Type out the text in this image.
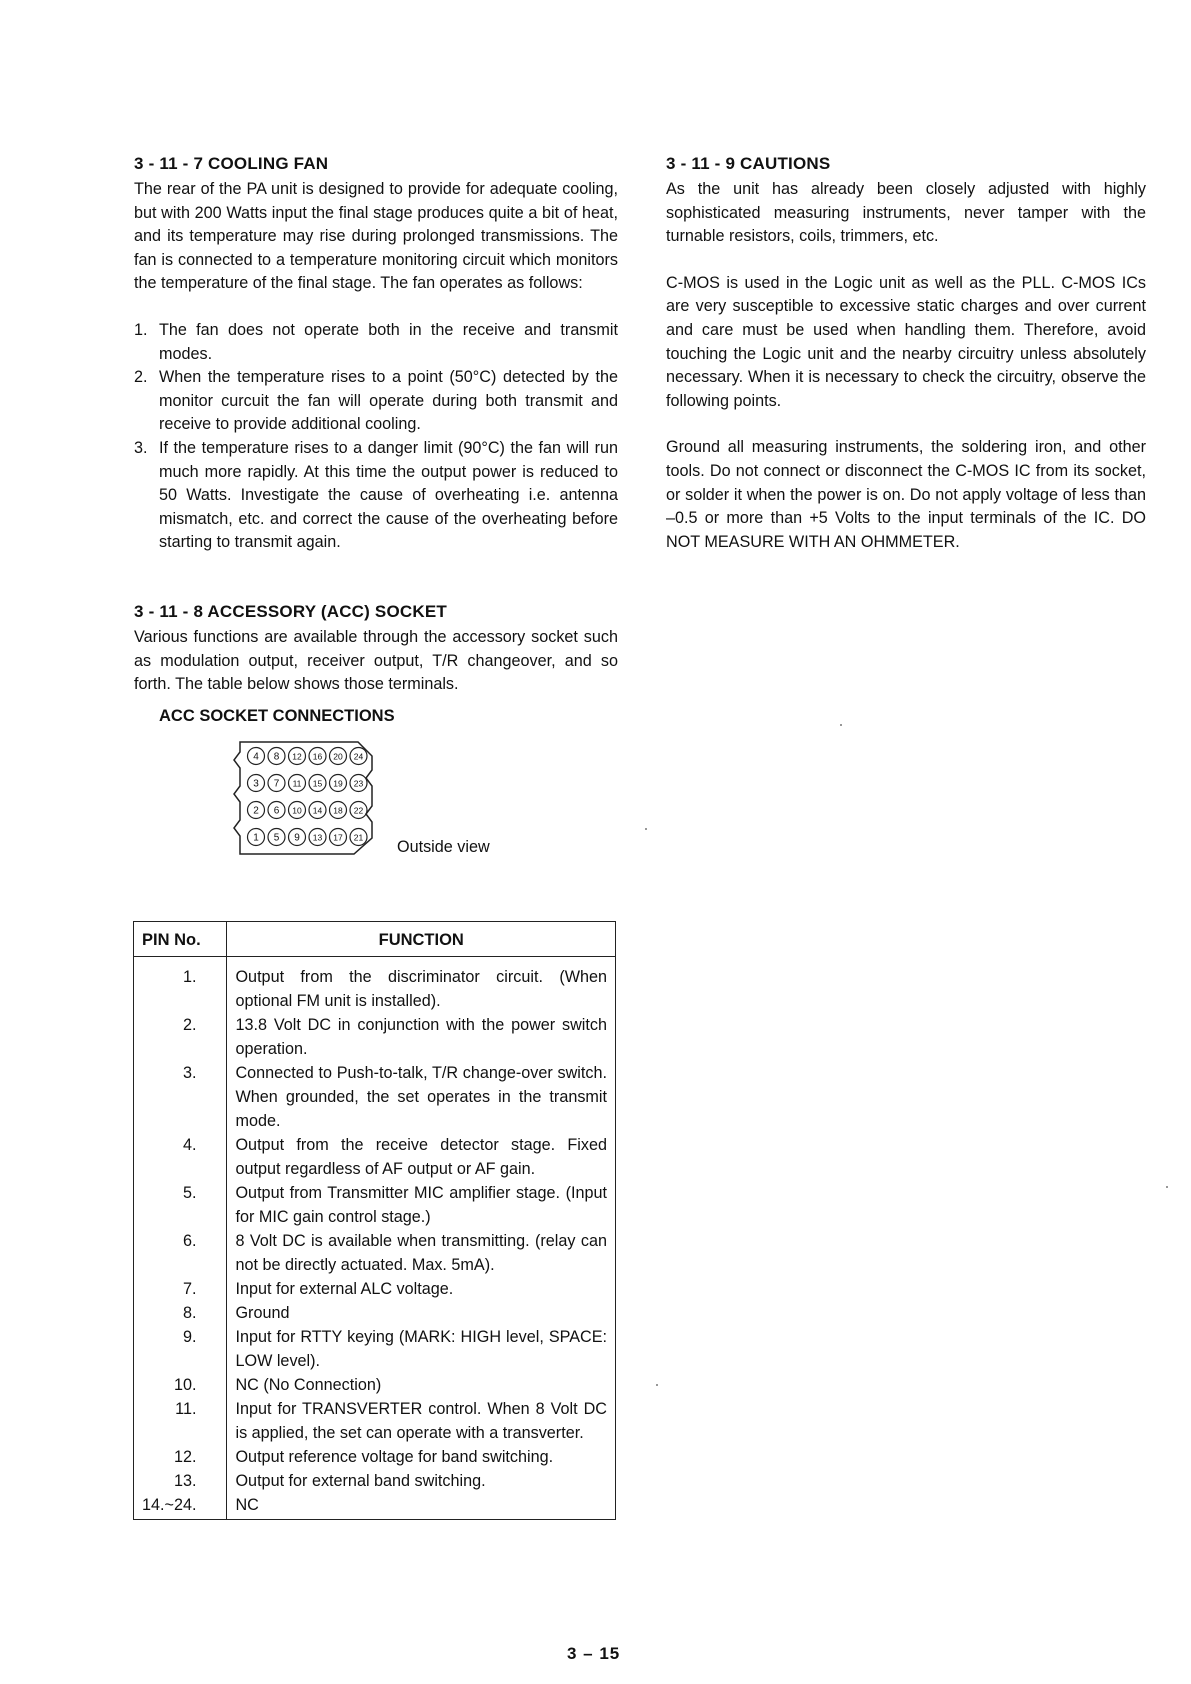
3 - 11 - 7 COOLING FAN

The rear of the PA unit is designed to provide for adequate cooling, but with 200 Watts input the final stage produces quite a bit of heat, and its temperature may rise during prolonged transmissions. The fan is connected to a temperature monitoring circuit which monitors the temperature of the final stage. The fan operates as follows:

1. The fan does not operate both in the receive and transmit modes.
2. When the temperature rises to a point (50°C) detected by the monitor curcuit the fan will operate during both transmit and receive to provide additional cooling.
3. If the temperature rises to a danger limit (90°C) the fan will run much more rapidly. At this time the output power is reduced to 50 Watts. Investigate the cause of overheating i.e. antenna mismatch, etc. and correct the cause of the overheating before starting to transmit again.
3 - 11 - 8 ACCESSORY (ACC) SOCKET

Various functions are available through the accessory socket such as modulation output, receiver output, T/R changeover, and so forth. The table below shows those terminals.

ACC SOCKET CONNECTIONS
4 8 12 16 20 24
3 7 11 15 19 23
2 6 10 14 18 22
1 5 9 13 17 21
Outside view
PIN No.	FUNCTION
1.	Output from the discriminator circuit. (When optional FM unit is installed).
2.	13.8 Volt DC in conjunction with the power switch operation.
3.	Connected to Push-to-talk, T/R change-over switch. When grounded, the set operates in the transmit mode.
4.	Output from the receive detector stage. Fixed output regardless of AF output or AF gain.
5.	Output from Transmitter MIC amplifier stage. (Input for MIC gain control stage.)
6.	8 Volt DC is available when transmitting. (relay can not be directly actuated. Max. 5mA).
7.	Input for external ALC voltage.
8.	Ground
9.	Input for RTTY keying (MARK: HIGH level, SPACE: LOW level).
10.	NC (No Connection)
11.	Input for TRANSVERTER control. When 8 Volt DC is applied, the set can operate with a transverter.
12.	Output reference voltage for band switching.
13.	Output for external band switching.
14.~24.	NC
3 - 11 - 9 CAUTIONS

As the unit has already been closely adjusted with highly sophisticated measuring instruments, never tamper with the turnable resistors, coils, trimmers, etc.

C-MOS is used in the Logic unit as well as the PLL. C-MOS ICs are very susceptible to excessive static charges and over current and care must be used when handling them. Therefore, avoid touching the Logic unit and the nearby circuitry unless absolutely necessary. When it is necessary to check the circuitry, observe the following points.

Ground all measuring instruments, the soldering iron, and other tools. Do not connect or disconnect the C-MOS IC from its socket, or solder it when the power is on. Do not apply voltage of less than –0.5 or more than +5 Volts to the input terminals of the IC. DO NOT MEASURE WITH AN OHMMETER.

3 – 15
